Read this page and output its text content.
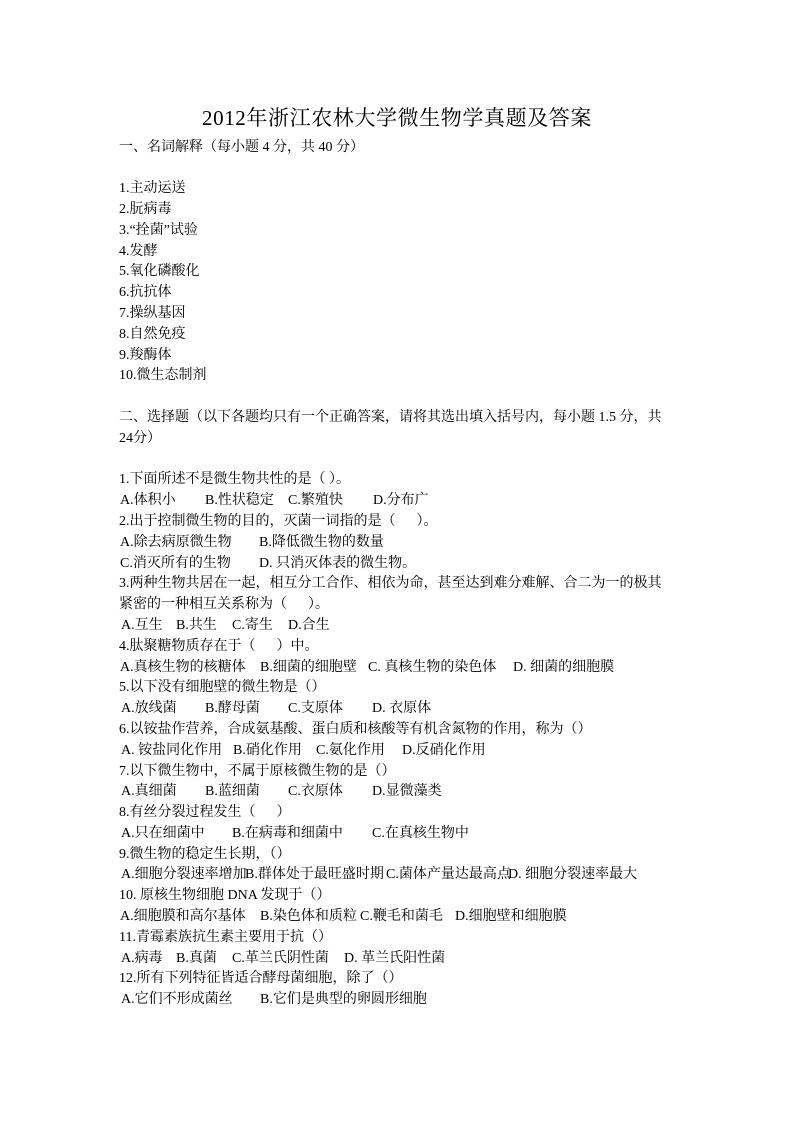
2012年浙江农林大学微生物学真题及答案
一、名词解释（每小题 4 分，共 40 分）
1.主动运送
2.朊病毒
3.“拴菌”试验
4.发酵
5.氧化磷酸化
6.抗抗体
7.操纵基因
8.自然免疫
9.羧酶体
10.微生态制剂
二、选择题（以下各题均只有一个正确答案，请将其选出填入括号内，每小题 1.5 分，共
24分）
1.下面所述不是微生物共性的是（ ）。
A.体积小 B.性状稳定 C.繁殖快 D.分布广
2.出于控制微生物的目的，灭菌一词指的是（      ）。
A.除去病原微生物 B.降低微生物的数量
C.消灭所有的生物 D. 只消灭体表的微生物。
3.两种生物共居在一起，相互分工合作、相依为命，甚至达到难分难解、合二为一的极其
紧密的一种相互关系称为（      ）。
A.互生 B.共生 C.寄生 D.合生
4.肽聚糖物质存在于（      ）中。
A.真核生物的核糖体 B.细菌的细胞壁 C. 真核生物的染色体 D. 细菌的细胞膜
5.以下没有细胞壁的微生物是（）
A.放线菌 B.酵母菌 C.支原体 D. 衣原体
6.以铵盐作营养，合成氨基酸、蛋白质和核酸等有机含氮物的作用，称为（）
A. 铵盐同化作用 B.硝化作用 C.氨化作用 D.反硝化作用
7.以下微生物中，不属于原核微生物的是（）
A.真细菌 B.蓝细菌 C.衣原体 D.显微藻类
8.有丝分裂过程发生（      ）
A.只在细菌中 B.在病毒和细菌中 C.在真核生物中
9.微生物的稳定生长期，（）
A.细胞分裂速率增加
B.群体处于最旺盛时期 C.菌体产量达最高点
D. 细胞分裂速率最大
10. 原核生物细胞 DNA 发现于（）
A.细胞膜和高尔基体 B.染色体和质粒 C.鞭毛和菌毛 D.细胞壁和细胞膜
11.青霉素族抗生素主要用于抗（）
A.病毒 B.真菌 C.革兰氏阴性菌 D. 革兰氏阳性菌
12.所有下列特征皆适合酵母菌细胞，除了（）
A.它们不形成菌丝 B.它们是典型的卵圆形细胞
